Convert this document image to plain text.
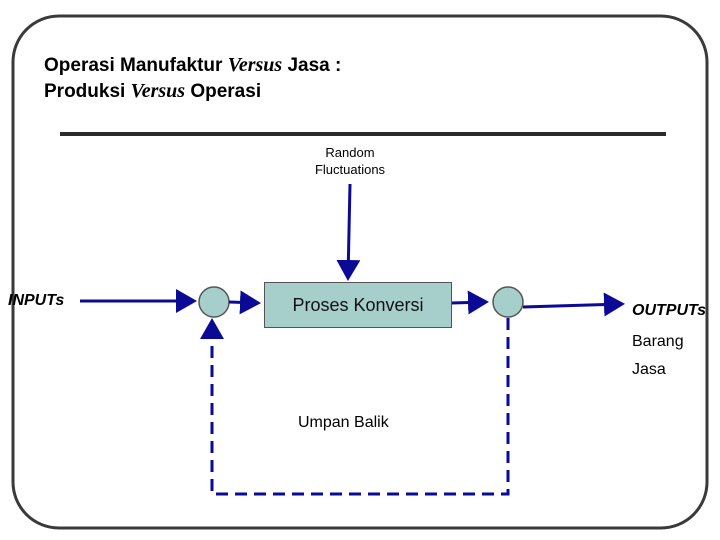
Operasi Manufaktur Versus Jasa :
Produksi Versus Operasi
Random
Fluctuations
INPUTs	Proses Konversi	OUTPUTs
Barang
Jasa
Umpan Balik
